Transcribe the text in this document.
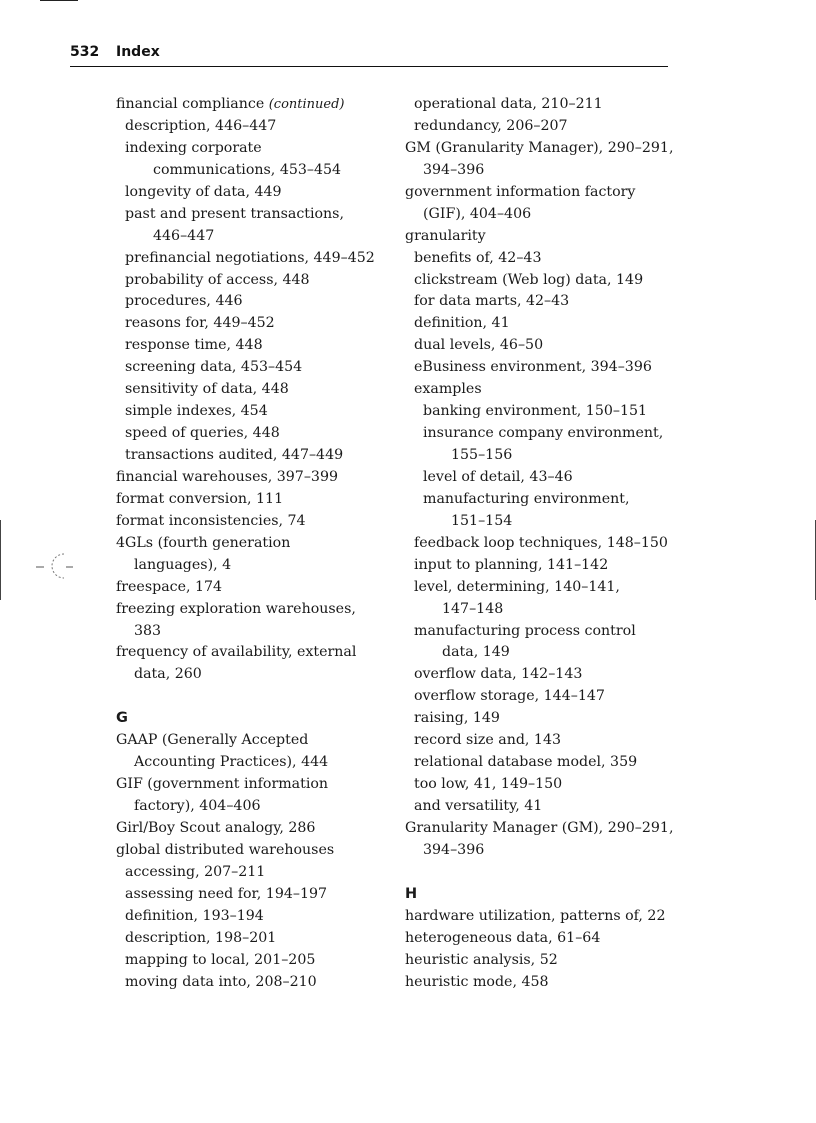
532 Index
financial compliance (continued)
description, 446–447
indexing corporate
communications, 453–454
longevity of data, 449
past and present transactions,
446–447
prefinancial negotiations, 449–452
probability of access, 448
procedures, 446
reasons for, 449–452
response time, 448
screening data, 453–454
sensitivity of data, 448
simple indexes, 454
speed of queries, 448
transactions audited, 447–449
financial warehouses, 397–399
format conversion, 111
format inconsistencies, 74
4GLs (fourth generation
languages), 4
freespace, 174
freezing exploration warehouses,
383
frequency of availability, external
data, 260
G
GAAP (Generally Accepted
Accounting Practices), 444
GIF (government information
factory), 404–406
Girl/Boy Scout analogy, 286
global distributed warehouses
accessing, 207–211
assessing need for, 194–197
definition, 193–194
description, 198–201
mapping to local, 201–205
moving data into, 208–210
operational data, 210–211
redundancy, 206–207
GM (Granularity Manager), 290–291,
394–396
government information factory
(GIF), 404–406
granularity
benefits of, 42–43
clickstream (Web log) data, 149
for data marts, 42–43
definition, 41
dual levels, 46–50
eBusiness environment, 394–396
examples
banking environment, 150–151
insurance company environment,
155–156
level of detail, 43–46
manufacturing environment,
151–154
feedback loop techniques, 148–150
input to planning, 141–142
level, determining, 140–141,
147–148
manufacturing process control
data, 149
overflow data, 142–143
overflow storage, 144–147
raising, 149
record size and, 143
relational database model, 359
too low, 41, 149–150
and versatility, 41
Granularity Manager (GM), 290–291,
394–396
H
hardware utilization, patterns of, 22
heterogeneous data, 61–64
heuristic analysis, 52
heuristic mode, 458
